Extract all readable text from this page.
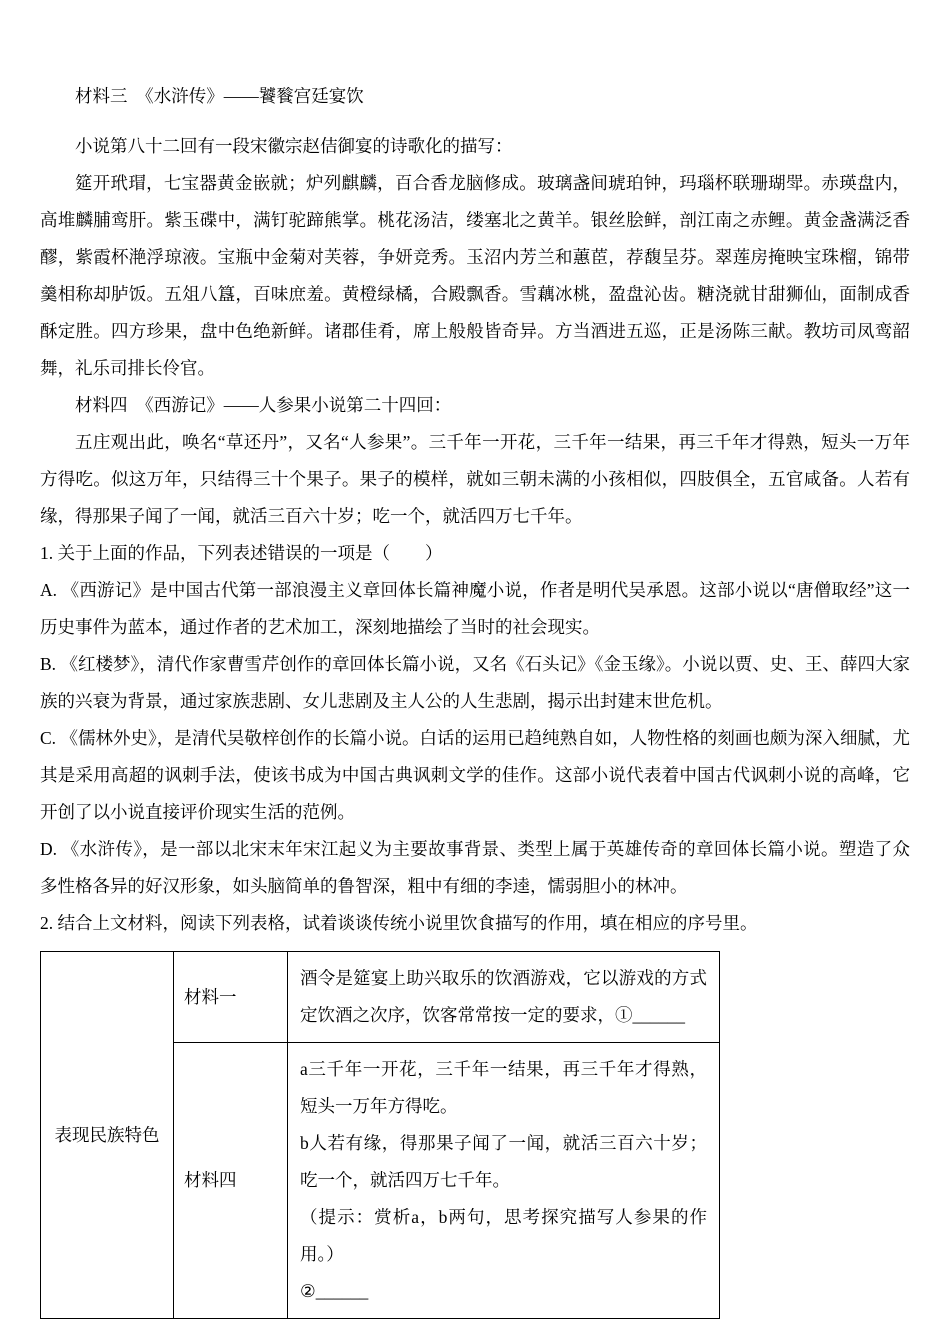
材料三　《水浒传》——饕餮宫廷宴饮

小说第八十二回有一段宋徽宗赵佶御宴的诗歌化的描写：

筵开玳瑁，七宝器黄金嵌就；炉列麒麟，百合香龙脑修成。玻璃盏间琥珀钟，玛瑙杯联珊瑚斝。赤瑛盘内，高堆麟脯鸾肝。紫玉碟中，满钉驼蹄熊掌。桃花汤洁，缕塞北之黄羊。银丝脍鲜，剖江南之赤鲤。黄金盏满泛香醪，紫霞杯滟浮琼液。宝瓶中金菊对芙蓉，争妍竞秀。玉沼内芳兰和蕙茞，荐馥呈芬。翠莲房掩映宝珠榴，锦带羹相称却胪饭。五俎八簋，百味庶羞。黄橙绿橘，合殿飘香。雪藕冰桃，盈盘沁齿。糖浇就甘甜狮仙，面制成香酥定胜。四方珍果，盘中色绝新鲜。诸郡佳肴，席上般般皆奇异。方当酒进五巡，正是汤陈三献。教坊司凤鸾韶舞，礼乐司排长伶官。

材料四　《西游记》——人参果小说第二十四回：

五庄观出此，唤名“草还丹”，又名“人参果”。三千年一开花，三千年一结果，再三千年才得熟，短头一万年方得吃。似这万年，只结得三十个果子。果子的模样，就如三朝未满的小孩相似，四肢俱全，五官咸备。人若有缘，得那果子闻了一闻，就活三百六十岁；吃一个，就活四万七千年。

1. 关于上面的作品，下列表述错误的一项是（　　）

A. 《西游记》是中国古代第一部浪漫主义章回体长篇神魔小说，作者是明代吴承恩。这部小说以“唐僧取经”这一历史事件为蓝本，通过作者的艺术加工，深刻地描绘了当时的社会现实。

B. 《红楼梦》，清代作家曹雪芹创作的章回体长篇小说，又名《石头记》《金玉缘》。小说以贾、史、王、薛四大家族的兴衰为背景，通过家族悲剧、女儿悲剧及主人公的人生悲剧，揭示出封建末世危机。

C. 《儒林外史》，是清代吴敬梓创作的长篇小说。白话的运用已趋纯熟自如，人物性格的刻画也颇为深入细腻，尤其是采用高超的讽刺手法，使该书成为中国古典讽刺文学的佳作。这部小说代表着中国古代讽刺小说的高峰，它开创了以小说直接评价现实生活的范例。

D. 《水浒传》，是一部以北宋末年宋江起义为主要故事背景、类型上属于英雄传奇的章回体长篇小说。塑造了众多性格各异的好汉形象，如头脑简单的鲁智深，粗中有细的李逵，懦弱胆小的林冲。

2. 结合上文材料，阅读下列表格，试着谈谈传统小说里饮食描写的作用，填在相应的序号里。

表现民族特色	材料一	酒令是筵宴上助兴取乐的饮酒游戏，它以游戏的方式定饮酒之次序，饮客常常按一定的要求，①______

	材料四	a三千年一开花，三千年一结果，再三千年才得熟，短头一万年方得吃。

b人若有缘，得那果子闻了一闻，就活三百六十岁；吃一个，就活四万七千年。

（提示：赏析a，b两句，思考探究描写人参果的作用。）

②______
